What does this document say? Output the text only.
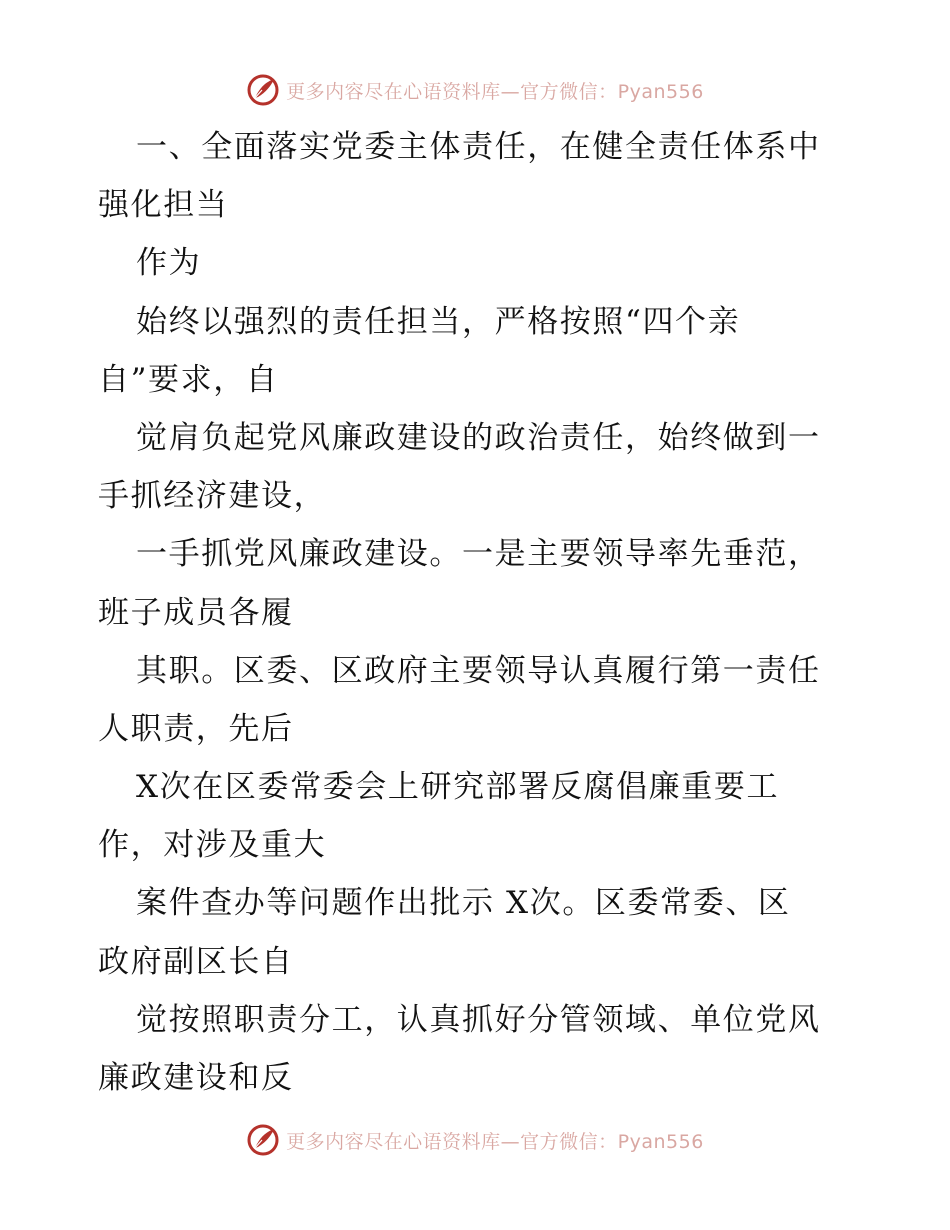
更多内容尽在心语资料库—官方微信：Pyan556
一、全面落实党委主体责任，在健全责任体系中
强化担当
作为
始终以强烈的责任担当，严格按照“四个亲
自”要求，自
觉肩负起党风廉政建设的政治责任，始终做到一
手抓经济建设，
一手抓党风廉政建设。一是主要领导率先垂范，
班子成员各履
其职。区委、区政府主要领导认真履行第一责任
人职责，先后
X次在区委常委会上研究部署反腐倡廉重要工
作，对涉及重大
案件查办等问题作出批示 X次。区委常委、区
政府副区长自
觉按照职责分工，认真抓好分管领域、单位党风
廉政建设和反
更多内容尽在心语资料库—官方微信：Pyan556
